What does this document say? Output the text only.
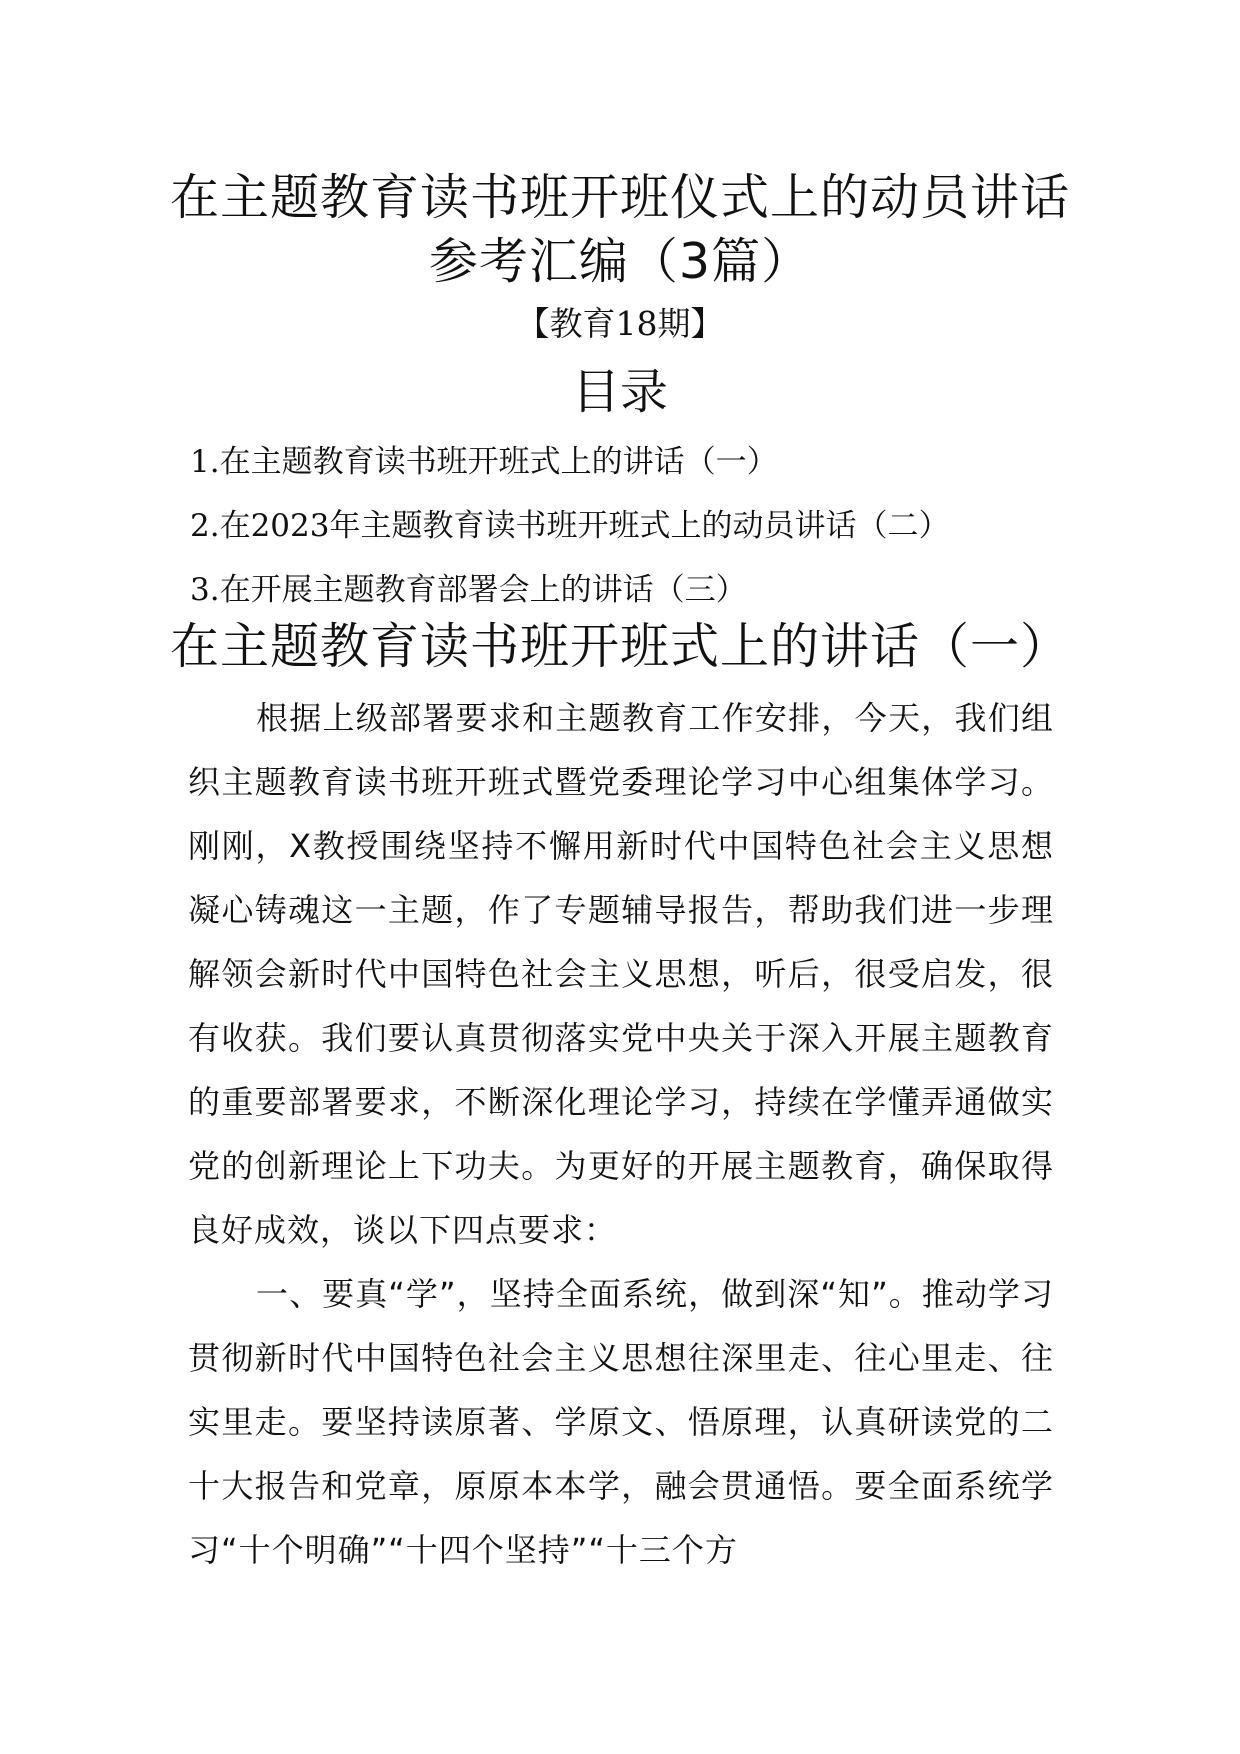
在主题教育读书班开班仪式上的动员讲话
参考汇编（3篇）
【教育18期】
目录
1.在主题教育读书班开班式上的讲话（一）
2.在2023年主题教育读书班开班式上的动员讲话（二）
3.在开展主题教育部署会上的讲话（三）
在主题教育读书班开班式上的讲话（一）

根据上级部署要求和主题教育工作安排，今天，我们组织主题教育读书班开班式暨党委理论学习中心组集体学习。刚刚，X教授围绕坚持不懈用新时代中国特色社会主义思想凝心铸魂这一主题，作了专题辅导报告，帮助我们进一步理解领会新时代中国特色社会主义思想，听后，很受启发，很有收获。我们要认真贯彻落实党中央关于深入开展主题教育的重要部署要求，不断深化理论学习，持续在学懂弄通做实党的创新理论上下功夫。为更好的开展主题教育，确保取得良好成效，谈以下四点要求：

一、要真“学”，坚持全面系统，做到深“知”。推动学习贯彻新时代中国特色社会主义思想往深里走、往心里走、往实里走。要坚持读原著、学原文、悟原理，认真研读党的二十大报告和党章，原原本本学，融会贯通悟。要全面系统学习“十个明确”“十四个坚持”“十三个方
